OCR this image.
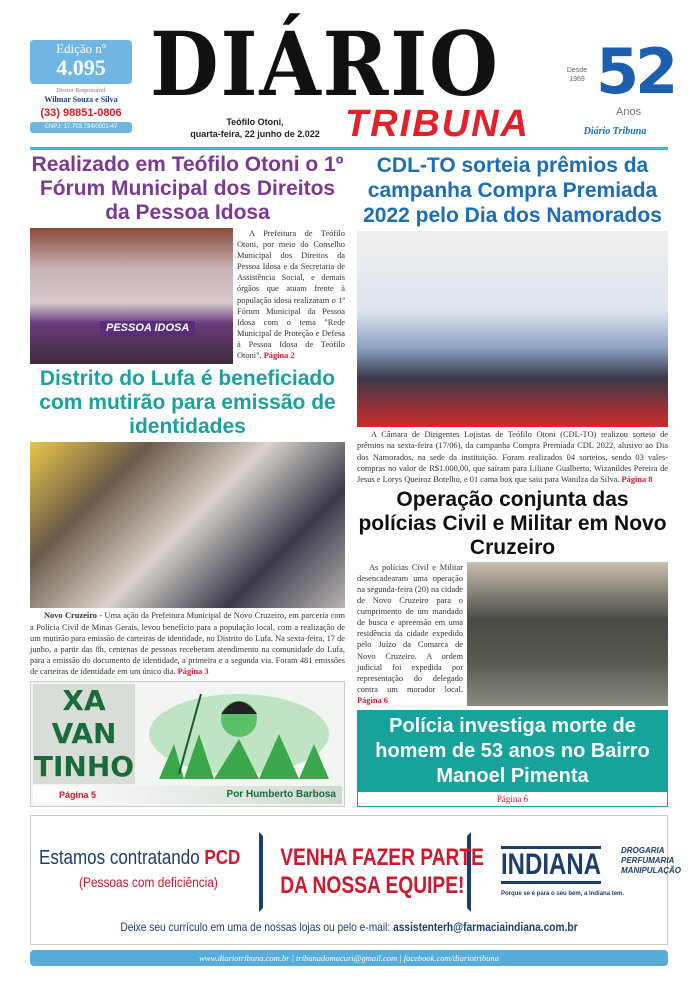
Edição nº
4.095
Diretor Responsável
Wilmar Souza e Silva
(33) 98851-0806
CNPJ: 17.703.734/0001-47
DIÁRIO
TRIBUNA
Teófilo Otoni,
quarta-feira, 22 junho de 2.022
52
Desde 1969
Anos
Diário Tribuna
Realizado em Teófilo Otoni o 1º Fórum Municipal dos Direitos da Pessoa Idosa
PESSOA IDOSA
A Prefeitura de Teófilo Otoni, por meio do Conselho Municipal dos Direitos da Pessoa Idosa e da Secretaria de Assistência Social, e demais órgãos que atuam frente à população idosa realizaram o 1º Fórum Municipal da Pessoa Idosa com o tema "Rede Municipal de Proteção e Defesa à Pessoa Idosa de Teófilo Otoni". Página 2
Distrito do Lufa é beneficiado com mutirão para emissão de identidades
Novo Cruzeiro - Uma ação da Prefeitura Municipal de Novo Cruzeiro, em parceria com a Polícia Civil de Minas Gerais, levou benefício para a população local, com a realização de um mutirão para emissão de carteiras de identidade, no Distrito do Lufa. Na sexta-feira, 17 de junho, a partir das 8h, centenas de pessoas receberam atendimento na comunidade do Lufa, para a emissão do documento de identidade, a primeira e a segunda via. Foram 481 emissões de carteiras de identidade em um único dia. Página 3
XA
VAN
TINHO
Página 5	Por Humberto Barbosa
CDL-TO sorteia prêmios da campanha Compra Premiada 2022 pelo Dia dos Namorados
A Câmara de Dirigentes Lojistas de Teófilo Otoni (CDL-TO) realizou sorteio de prêmios na sexta-feira (17/06), da campanha Compra Premiada CDL 2022, alusivo ao Dia dos Namorados, na sede da instituição. Foram realizados 04 sorteios, sendo 03 vales-compras no valor de R$1.000,00, que saíram para Liliane Gualberto, Wizanildes Pereira de Jesus e Lorys Queiroz Botelho, e 01 cama box que saiu para Wanilza da Silva. Página 8
Operação conjunta das polícias Civil e Militar em Novo Cruzeiro
As polícias Civil e Militar desencadearam uma operação na segunda-feira (20) na cidade de Novo Cruzeiro para o cumprimento de um mandado de busca e apreensão em uma residência da cidade expedido pelo Juízo da Comarca de Novo Cruzeiro. A ordem judicial foi expedida por representação do delegado contra um morador local. Página 6
Polícia investiga morte de homem de 53 anos no Bairro Manoel Pimenta
Página 6
Estamos contratando PCD
(Pessoas com deficiência)
VENHA FAZER PARTE
DA NOSSA EQUIPE!
INDIANA	DROGARIA
PERFUMARIA
MANIPULAÇÃO
Porque se é para o seu bem, a Indiana tem.
Deixe seu currículo em uma de nossas lojas ou pelo e-mail: assistenterh@farmaciaindiana.com.br
www.diariotribuna.com.br | tribunadomucuri@gmail.com | facebook.com/diariotribuna
